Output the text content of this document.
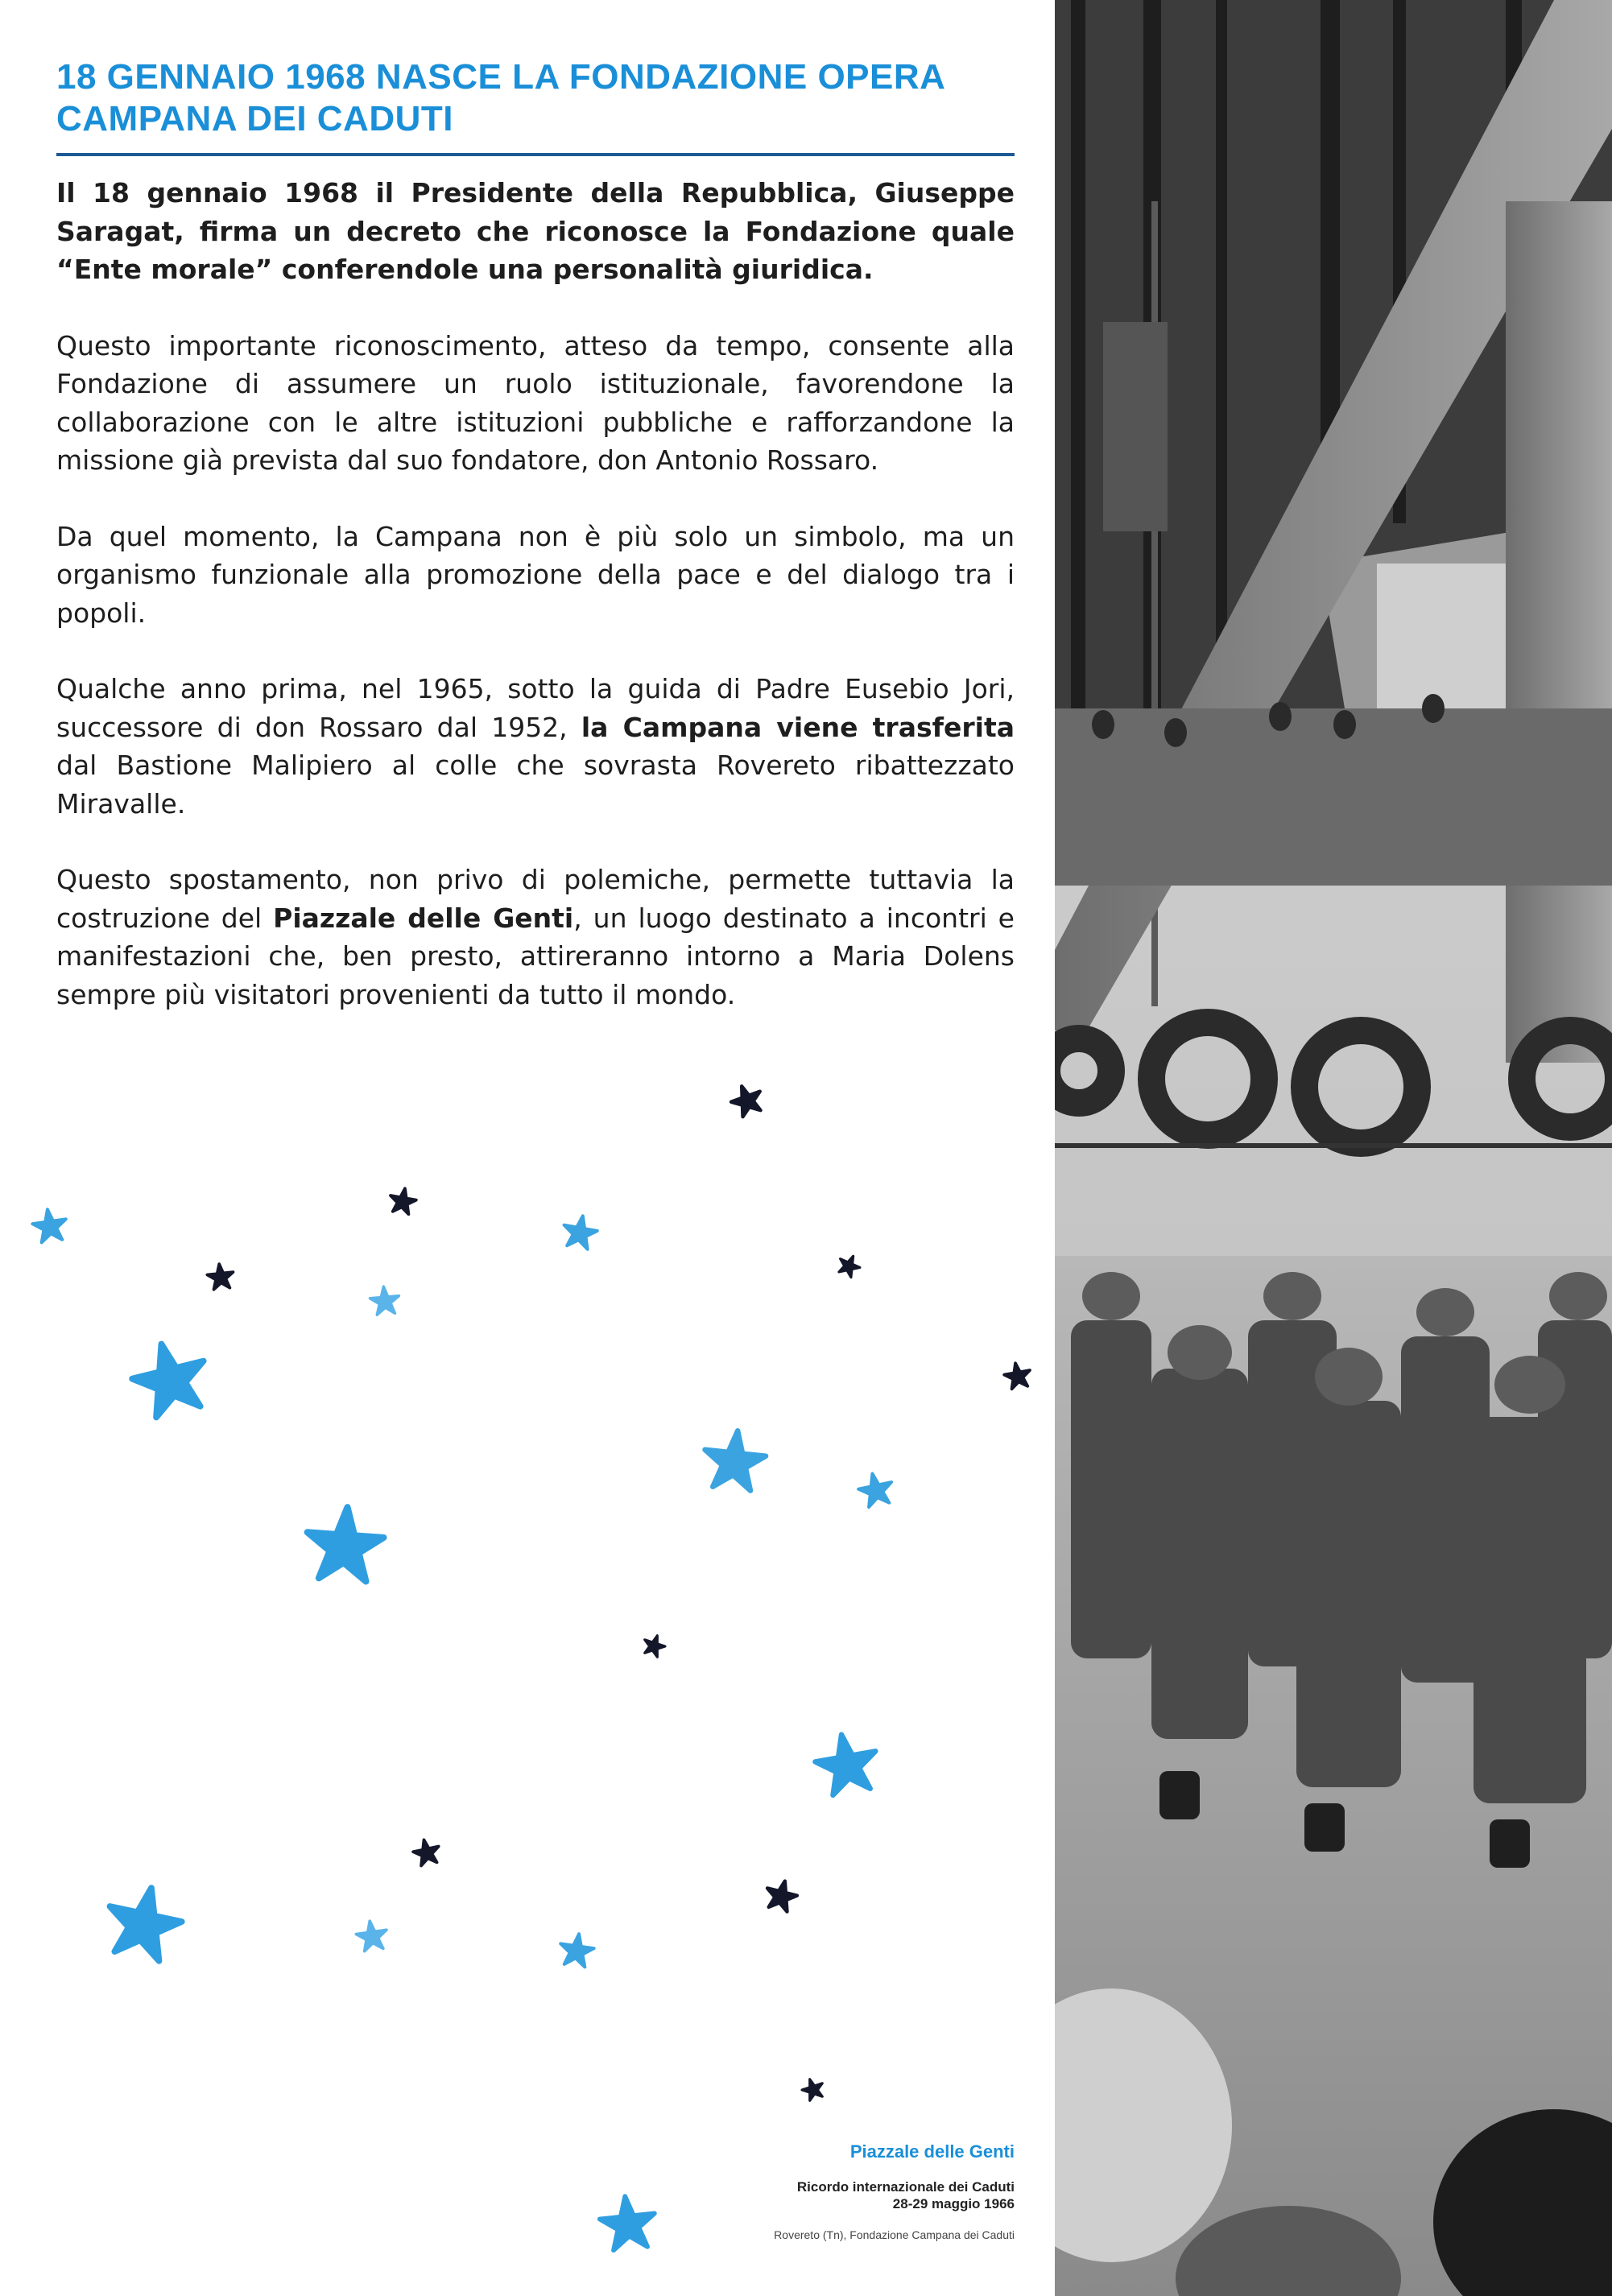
18 GENNAIO 1968 NASCE LA FONDAZIONE OPERA CAMPANA DEI CADUTI

Il 18 gennaio 1968 il Presidente della Repubblica, Giuseppe Saragat, firma un decreto che riconosce la Fondazione quale “Ente morale” conferendole una personalità giuridica.

Questo importante riconoscimento, atteso da tempo, consente alla Fondazione di assumere un ruolo istituzionale, favorendone la collaborazione con le altre istituzioni pubbliche e rafforzandone la missione già prevista dal suo fondatore, don Antonio Rossaro.

Da quel momento, la Campana non è più solo un simbolo, ma un organismo funzionale alla promozione della pace e del dialogo tra i popoli.

Qualche anno prima, nel 1965, sotto la guida di Padre Eusebio Jori, successore di don Rossaro dal 1952, la Campana viene trasferita dal Bastione Malipiero al colle che sovrasta Rovereto ribattezzato Miravalle.

Questo spostamento, non privo di polemiche, permette tuttavia la costruzione del Piazzale delle Genti, un luogo destinato a incontri e manifestazioni che, ben presto, attireranno intorno a Maria Dolens sempre più visitatori provenienti da tutto il mondo.

Piazzale delle Genti
Ricordo internazionale dei Caduti
28-29 maggio 1966
Rovereto (Tn), Fondazione Campana dei Caduti
